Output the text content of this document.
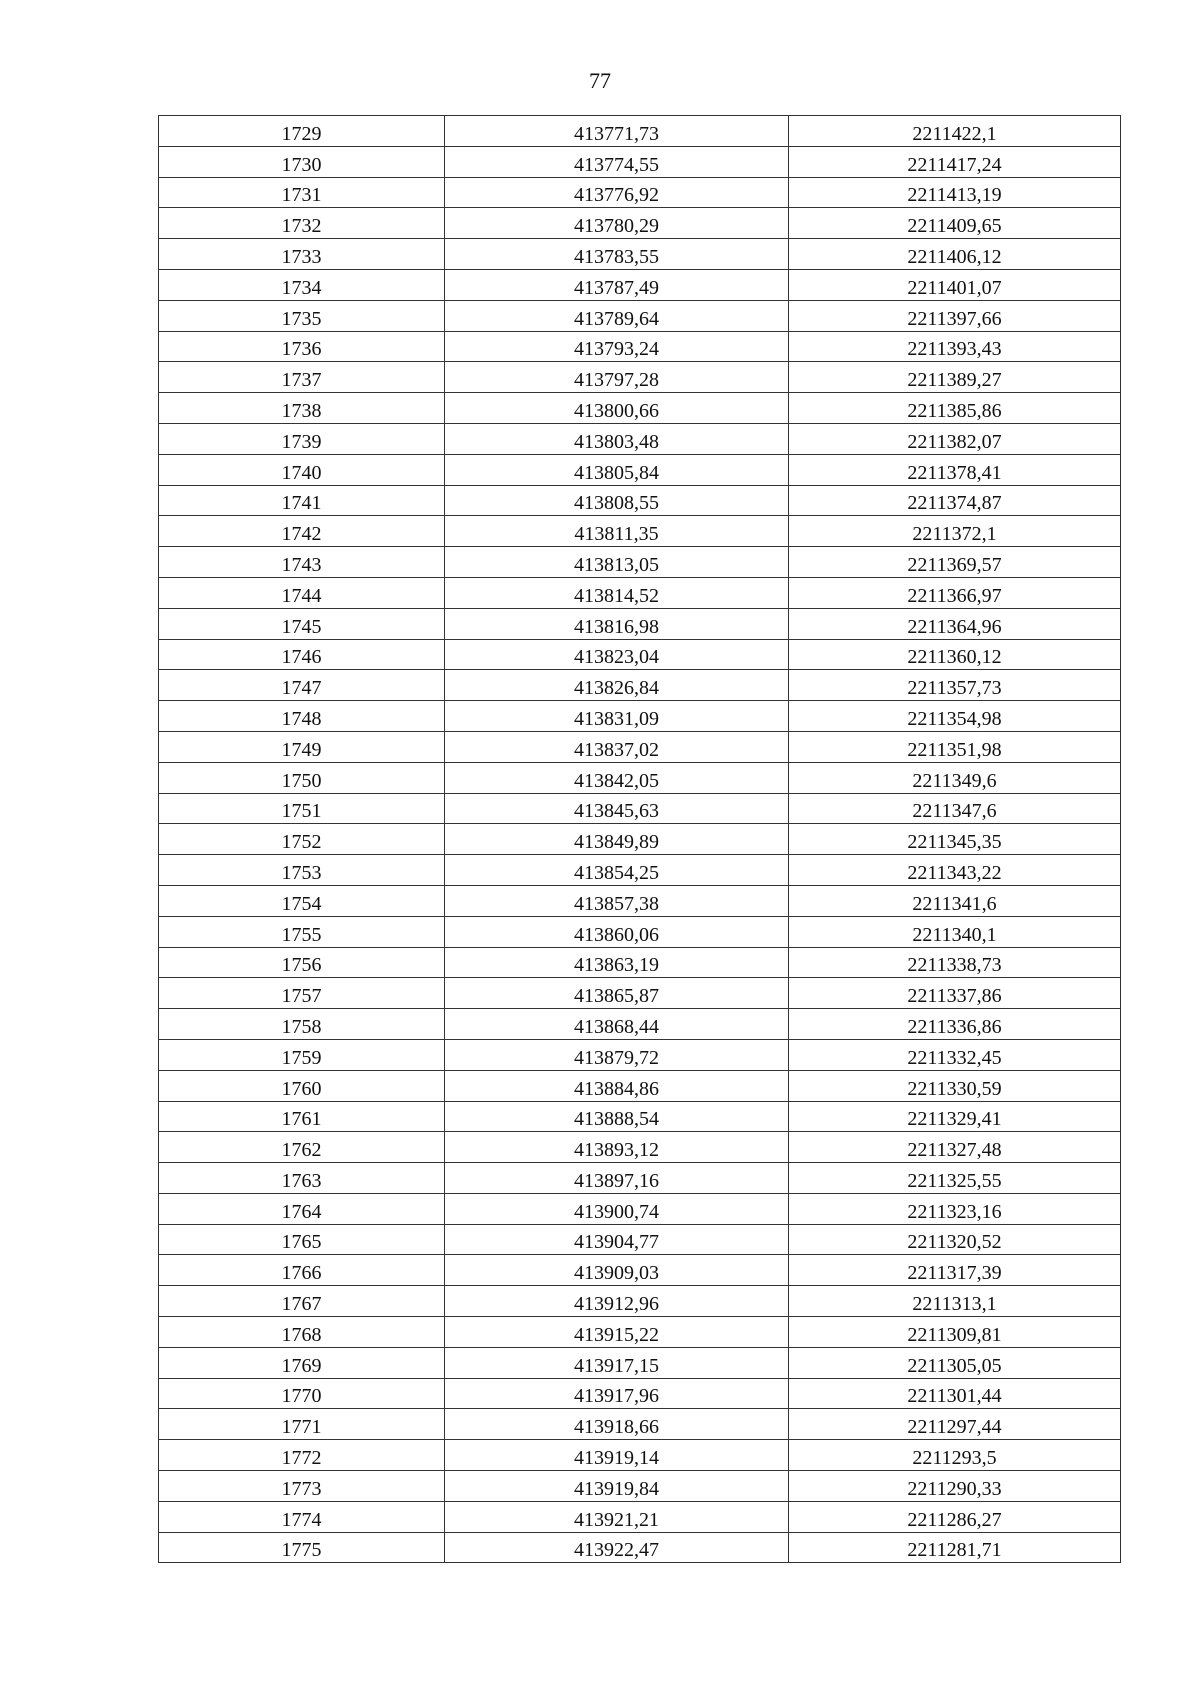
77
1729	413771,73	2211422,1
1730	413774,55	2211417,24
1731	413776,92	2211413,19
1732	413780,29	2211409,65
1733	413783,55	2211406,12
1734	413787,49	2211401,07
1735	413789,64	2211397,66
1736	413793,24	2211393,43
1737	413797,28	2211389,27
1738	413800,66	2211385,86
1739	413803,48	2211382,07
1740	413805,84	2211378,41
1741	413808,55	2211374,87
1742	413811,35	2211372,1
1743	413813,05	2211369,57
1744	413814,52	2211366,97
1745	413816,98	2211364,96
1746	413823,04	2211360,12
1747	413826,84	2211357,73
1748	413831,09	2211354,98
1749	413837,02	2211351,98
1750	413842,05	2211349,6
1751	413845,63	2211347,6
1752	413849,89	2211345,35
1753	413854,25	2211343,22
1754	413857,38	2211341,6
1755	413860,06	2211340,1
1756	413863,19	2211338,73
1757	413865,87	2211337,86
1758	413868,44	2211336,86
1759	413879,72	2211332,45
1760	413884,86	2211330,59
1761	413888,54	2211329,41
1762	413893,12	2211327,48
1763	413897,16	2211325,55
1764	413900,74	2211323,16
1765	413904,77	2211320,52
1766	413909,03	2211317,39
1767	413912,96	2211313,1
1768	413915,22	2211309,81
1769	413917,15	2211305,05
1770	413917,96	2211301,44
1771	413918,66	2211297,44
1772	413919,14	2211293,5
1773	413919,84	2211290,33
1774	413921,21	2211286,27
1775	413922,47	2211281,71
